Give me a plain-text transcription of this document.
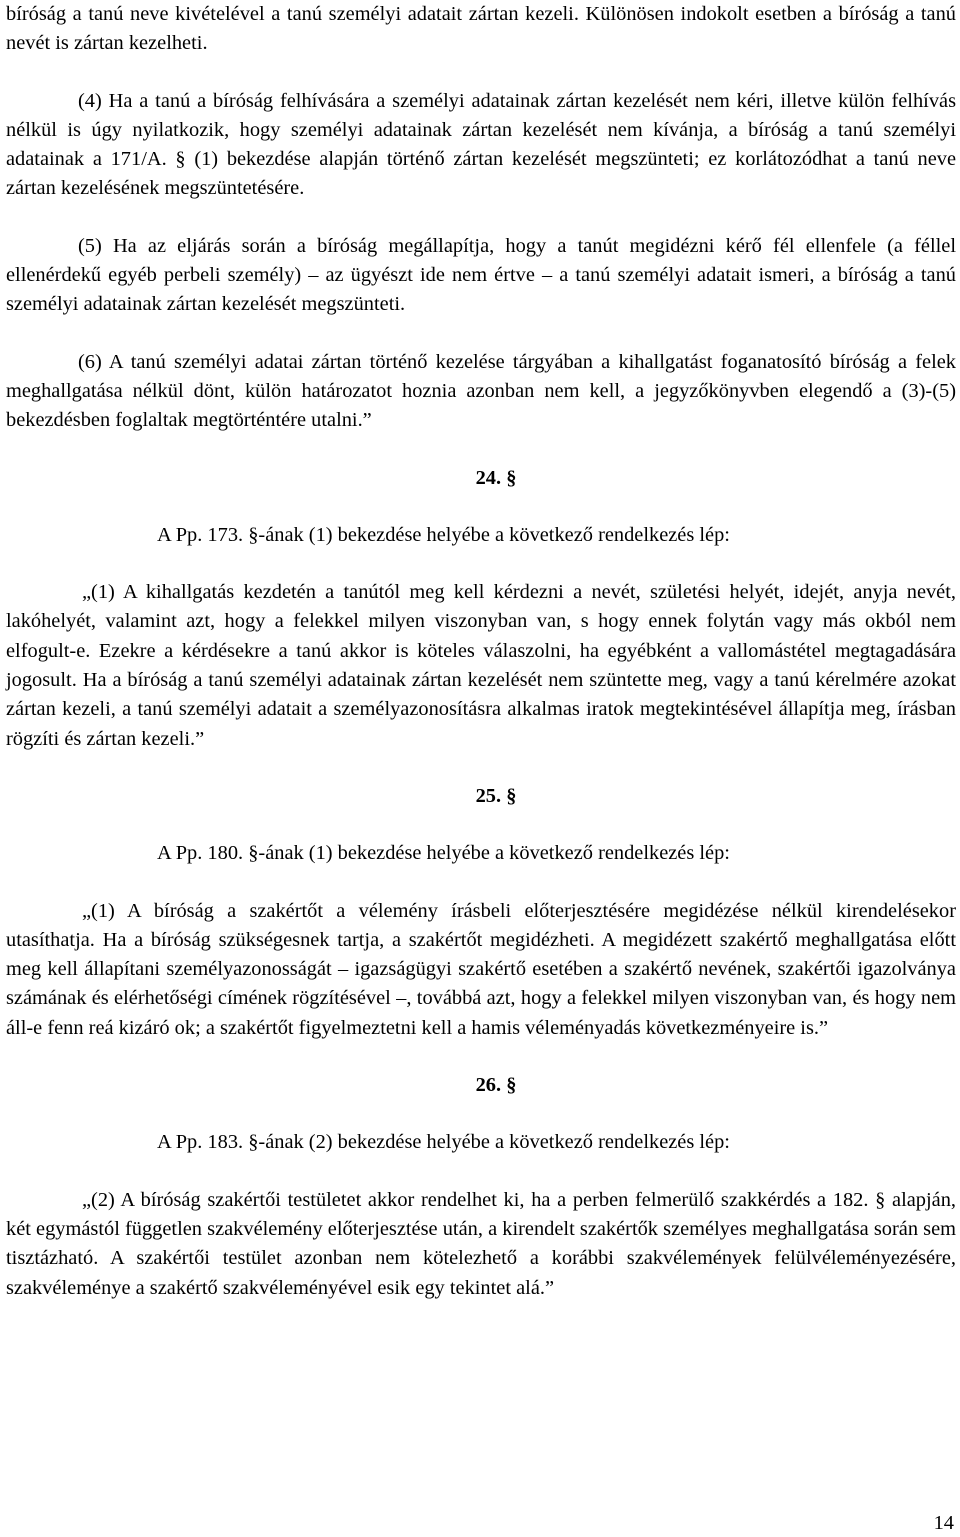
bíróság a tanú neve kivételével a tanú személyi adatait zártan kezeli. Különösen indokolt esetben a bíróság a tanú nevét is zártan kezelheti.

(4) Ha a tanú a bíróság felhívására a személyi adatainak zártan kezelését nem kéri, illetve külön felhívás nélkül is úgy nyilatkozik, hogy személyi adatainak zártan kezelését nem kívánja, a bíróság a tanú személyi adatainak a 171/A. § (1) bekezdése alapján történő zártan kezelését megszünteti; ez korlátozódhat a tanú neve zártan kezelésének megszüntetésére.

(5) Ha az eljárás során a bíróság megállapítja, hogy a tanút megidézni kérő fél ellenfele (a féllel ellenérdekű egyéb perbeli személy) – az ügyészt ide nem értve – a tanú személyi adatait ismeri, a bíróság a tanú személyi adatainak zártan kezelését megszünteti.

(6) A tanú személyi adatai zártan történő kezelése tárgyában a kihallgatást foganatosító bíróság a felek meghallgatása nélkül dönt, külön határozatot hoznia azonban nem kell, a jegyzőkönyvben elegendő a (3)-(5) bekezdésben foglaltak megtörténtére utalni.”

24. §

A Pp. 173. §-ának (1) bekezdése helyébe a következő rendelkezés lép:

„(1) A kihallgatás kezdetén a tanútól meg kell kérdezni a nevét, születési helyét, idejét, anyja nevét, lakóhelyét, valamint azt, hogy a felekkel milyen viszonyban van, s hogy ennek folytán vagy más okból nem elfogult-e. Ezekre a kérdésekre a tanú akkor is köteles válaszolni, ha egyébként a vallomástétel megtagadására jogosult. Ha a bíróság a tanú személyi adatainak zártan kezelését nem szüntette meg, vagy a tanú kérelmére azokat zártan kezeli, a tanú személyi adatait a személyazonosításra alkalmas iratok megtekintésével állapítja meg, írásban rögzíti és zártan kezeli.”

25. §

A Pp. 180. §-ának (1) bekezdése helyébe a következő rendelkezés lép:

„(1) A bíróság a szakértőt a vélemény írásbeli előterjesztésére megidézése nélkül kirendelésekor utasíthatja. Ha a bíróság szükségesnek tartja, a szakértőt megidézheti. A megidézett szakértő meghallgatása előtt meg kell állapítani személyazonosságát – igazságügyi szakértő esetében a szakértő nevének, szakértői igazolványa számának és elérhetőségi címének rögzítésével –, továbbá azt, hogy a felekkel milyen viszonyban van, és hogy nem áll-e fenn reá kizáró ok; a szakértőt figyelmeztetni kell a hamis véleményadás következményeire is.”

26. §

A Pp. 183. §-ának (2) bekezdése helyébe a következő rendelkezés lép:

„(2) A bíróság szakértői testületet akkor rendelhet ki, ha a perben felmerülő szakkérdés a 182. § alapján, két egymástól független szakvélemény előterjesztése után, a kirendelt szakértők személyes meghallgatása során sem tisztázható. A szakértői testület azonban nem kötelezhető a korábbi szakvélemények felülvéleményezésére, szakvéleménye a szakértő szakvéleményével esik egy tekintet alá.”

14
